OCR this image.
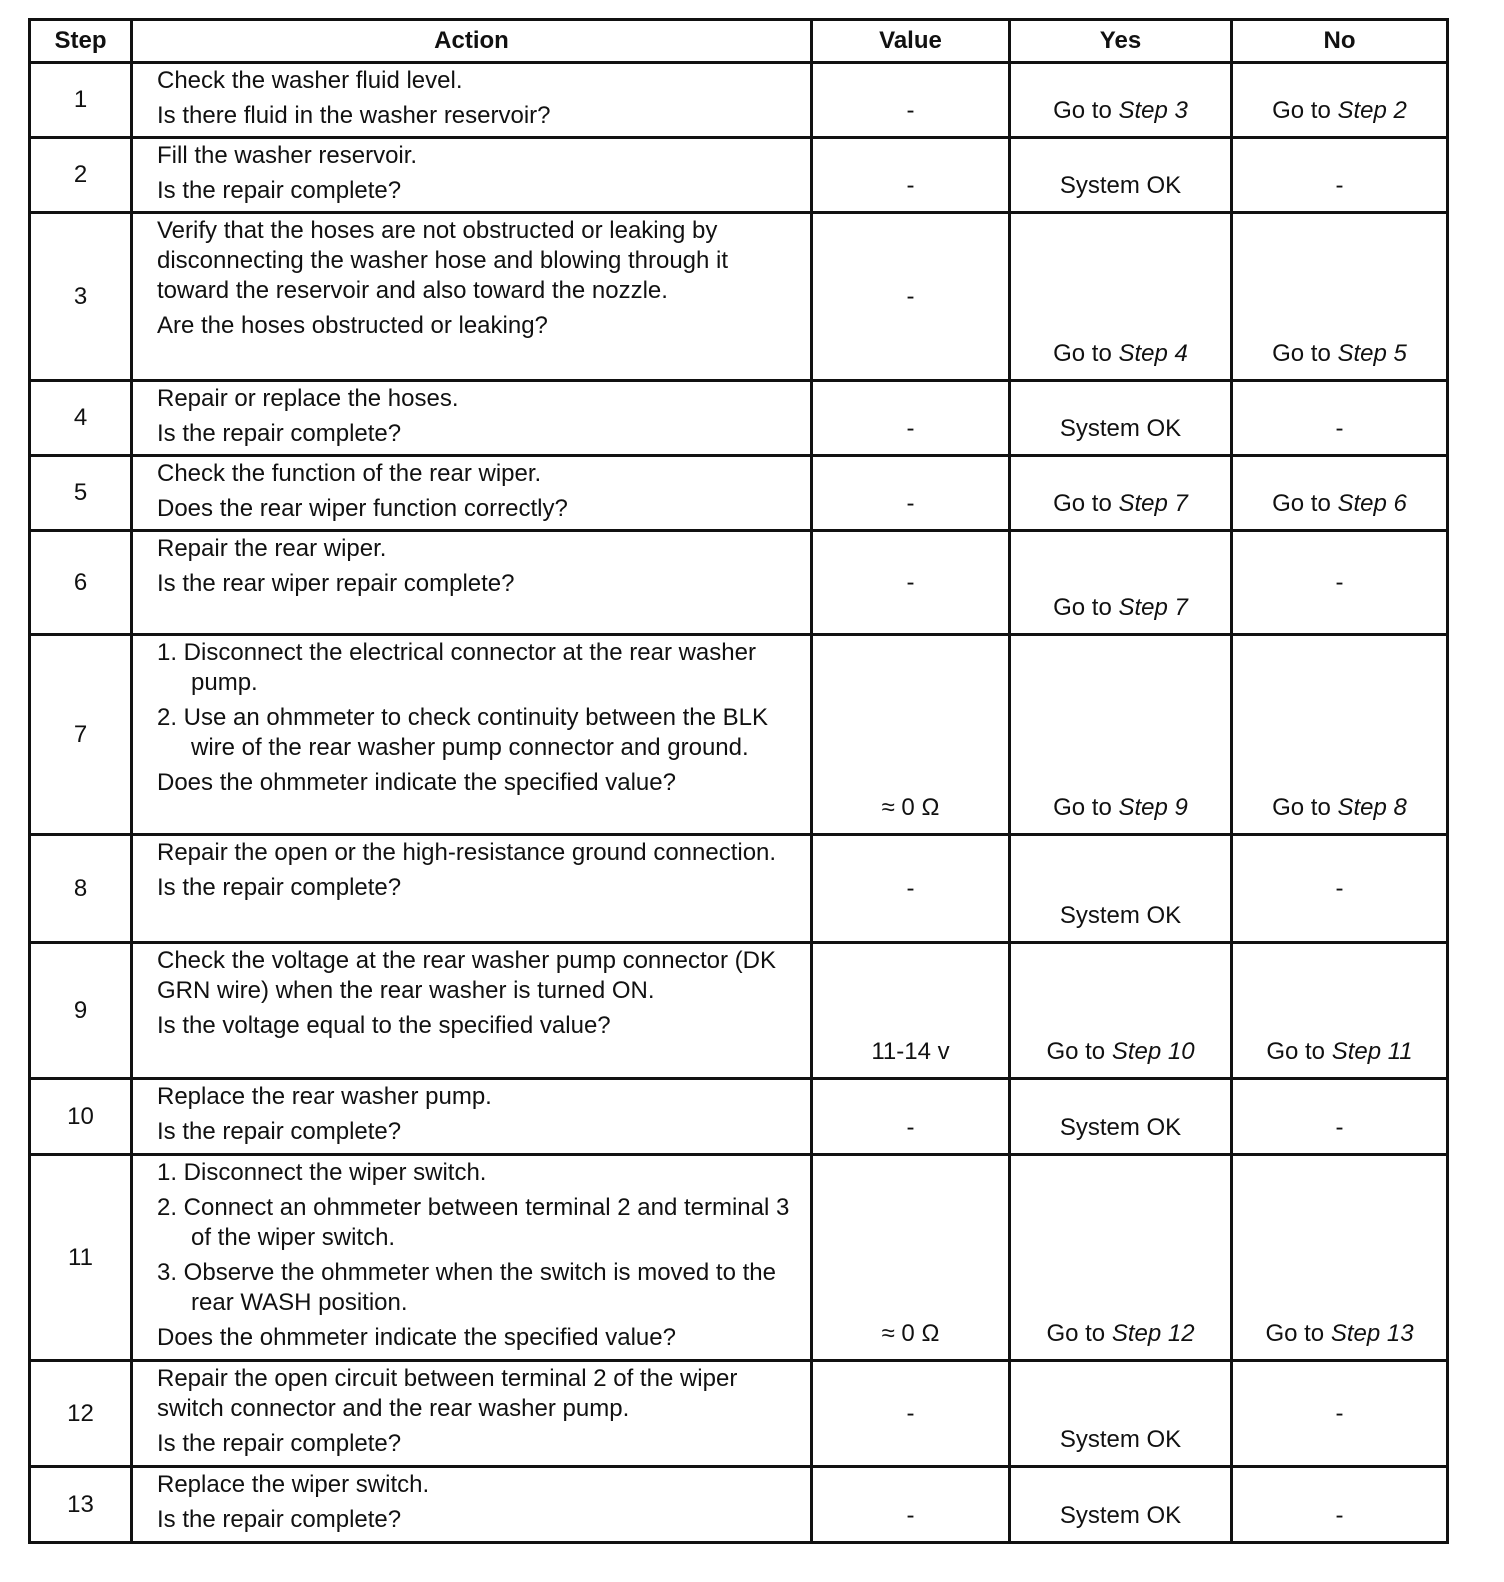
Step	Action	Value	Yes	No
1	Check the washer fluid level.
Is there fluid in the washer reservoir?	-	Go to Step 3	Go to Step 2
2	Fill the washer reservoir.
Is the repair complete?	-	System OK	-
3	Verify that the hoses are not obstructed or leaking by disconnecting the washer hose and blowing through it toward the reservoir and also toward the nozzle.
Are the hoses obstructed or leaking?	-	Go to Step 4	Go to Step 5
4	Repair or replace the hoses.
Is the repair complete?	-	System OK	-
5	Check the function of the rear wiper.
Does the rear wiper function correctly?	-	Go to Step 7	Go to Step 6
6	Repair the rear wiper.
Is the rear wiper repair complete?	-	Go to Step 7	-
7	1. Disconnect the electrical connector at the rear washer pump.
2. Use an ohmmeter to check continuity between the BLK wire of the rear washer pump connector and ground.
Does the ohmmeter indicate the specified value?	≈ 0 Ω	Go to Step 9	Go to Step 8
8	Repair the open or the high-resistance ground connection.
Is the repair complete?	-	System OK	-
9	Check the voltage at the rear washer pump connector (DK GRN wire) when the rear washer is turned ON.
Is the voltage equal to the specified value?	11-14 v	Go to Step 10	Go to Step 11
10	Replace the rear washer pump.
Is the repair complete?	-	System OK	-
11	1. Disconnect the wiper switch.
2. Connect an ohmmeter between terminal 2 and terminal 3 of the wiper switch.
3. Observe the ohmmeter when the switch is moved to the rear WASH position.
Does the ohmmeter indicate the specified value?	≈ 0 Ω	Go to Step 12	Go to Step 13
12	Repair the open circuit between terminal 2 of the wiper switch connector and the rear washer pump.
Is the repair complete?	-	System OK	-
13	Replace the wiper switch.
Is the repair complete?	-	System OK	-
